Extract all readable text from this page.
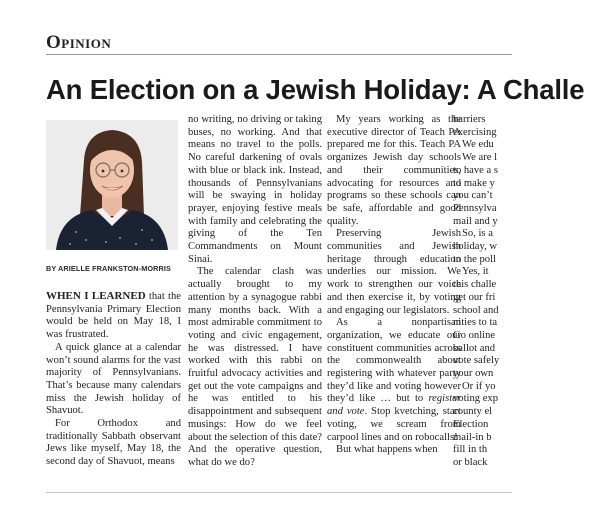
Opinion
An Election on a Jewish Holiday: A Challe
BY ARIELLE FRANKSTON-MORRIS

WHEN I LEARNED that the Pennsylvania Primary Election would be held on May 18, I was frustrated.

A quick glance at a calendar won’t sound alarms for the vast majority of Pennsylvanians. That’s because many calendars miss the Jewish holiday of Shavuot.

For Orthodox and traditionally Sabbath observant Jews like myself, May 18, the second day of Shavuot, means

no writing, no driving or taking buses, no working. And that means no travel to the polls. No careful darkening of ovals with blue or black ink. Instead, thousands of Pennsylvanians will be swaying in holiday prayer, enjoying festive meals with family and celebrating the giving of the Ten Commandments on Mount Sinai.

The calendar clash was actually brought to my attention by a synagogue rabbi many months back. With a most admirable commitment to voting and civic engagement, he was distressed. I have worked with this rabbi on fruitful advocacy activities and get out the vote campaigns and he was entitled to his disappointment and subsequent musings: How do we feel about the selection of this date? And the operative question, what do we do?

My years working as the executive director of Teach PA prepared me for this. Teach PA organizes Jewish day schools and their communities, advocating for resources and programs so these schools can be safe, affordable and good quality.

Preserving Jewish communities and Jewish heritage through education underlies our mission. We work to strengthen our voice and then exercise it, by voting and engaging our legislators.

As a nonpartisan organization, we educate our constituent communities across the commonwealth about registering with whatever party they’d like and voting however they’d like … but to register and vote. Stop kvetching, start voting, we scream from carpool lines and on robocalls!

But what happens when

barriers
exercising
We edu
We are l
to have a s
to make y
you can’t
Pennsylva
mail and y
So, is a
holiday, w
to the poll
Yes, it
this challe
get our fri
school and
nities to ta
Go online
ballot and
vote safely
your own
Or if yo
voting exp
county el
Election
mail-in b
fill in th
or black
